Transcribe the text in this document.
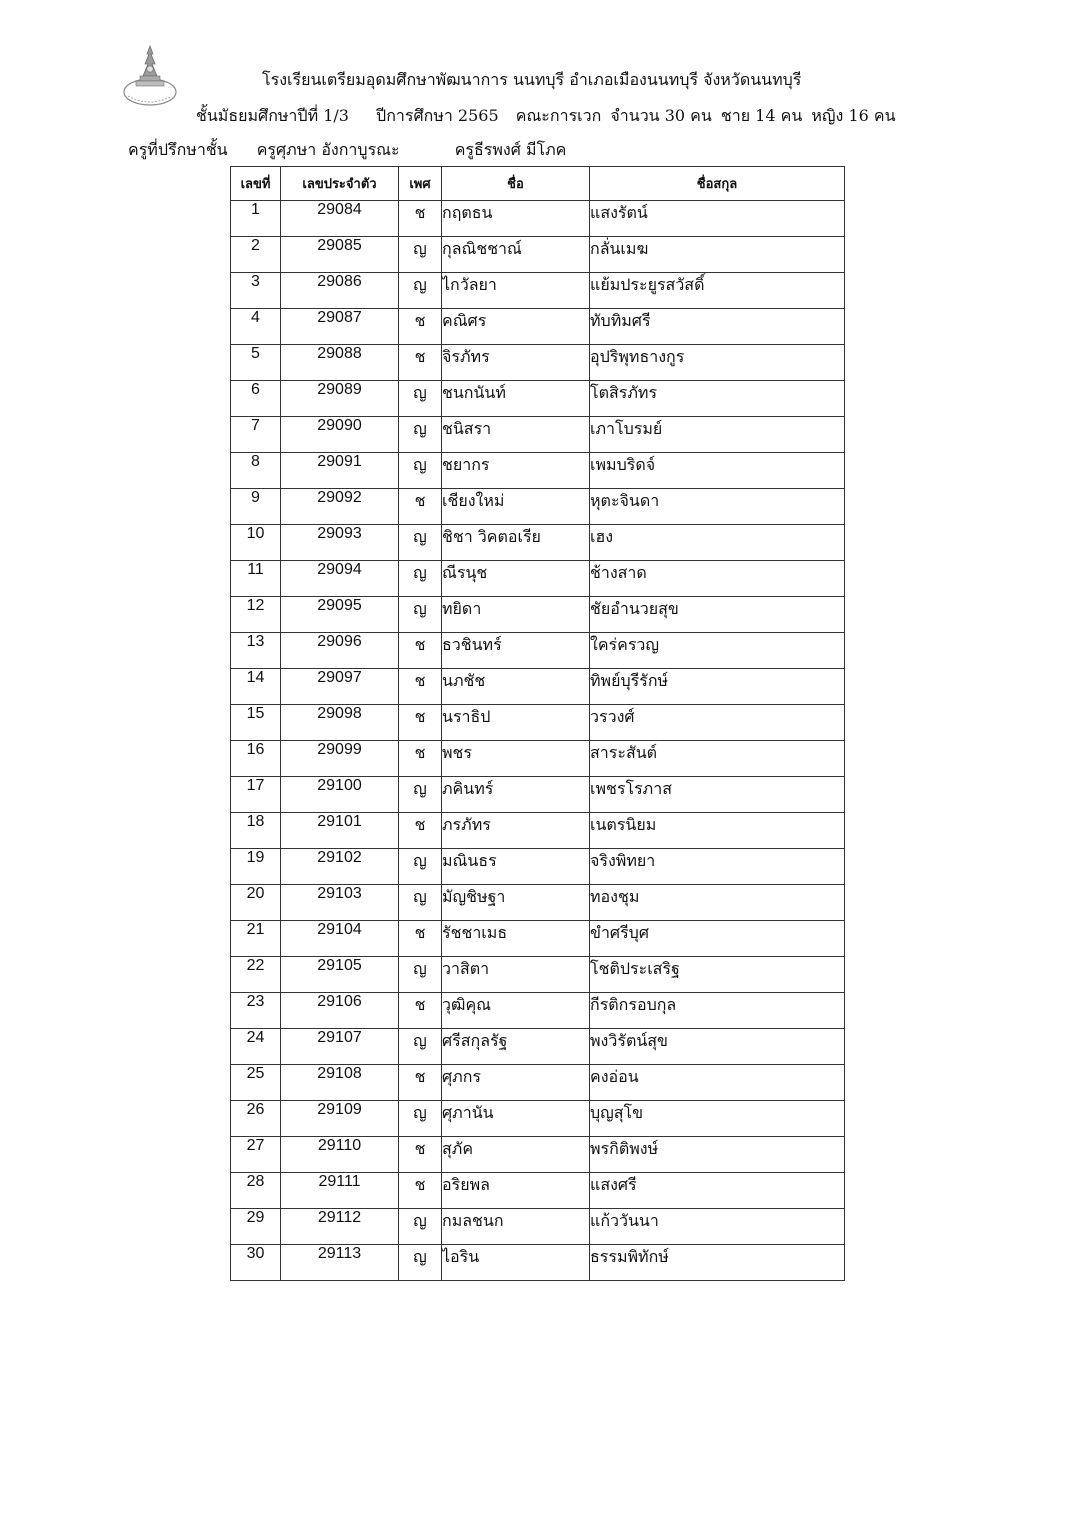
โรงเรียนเตรียมอุดมศึกษาพัฒนาการ นนทบุรี อำเภอเมืองนนทบุรี จังหวัดนนทบุรี
ชั้นมัธยมศึกษาปีที่ 1/3 ปีการศึกษา 2565 คณะการเวก จำนวน 30 คน ชาย 14 คน หญิง 16 คน
ครูที่ปรึกษาชั้น ครูศุภษา อังกาบูรณะ	ครูธีรพงศ์ มีโภค
เลขที่	เลขประจำตัว	เพศ	ชื่อ	ชื่อสกุล
1	29084	ช	กฤตธน	แสงรัตน์
2	29085	ญ	กุลณิชชาณ์	กลั่นเมฆ
3	29086	ญ	ไกวัลยา	แย้มประยูรสวัสดิ์
4	29087	ช	คณิศร	ทับทิมศรี
5	29088	ช	จิรภัทร	อุปริพุทธางกูร
6	29089	ญ	ชนกนันท์	โตสิรภัทร
7	29090	ญ	ชนิสรา	เภาโบรมย์
8	29091	ญ	ชยากร	เพมบริดจ์
9	29092	ช	เชียงใหม่	หุตะจินดา
10	29093	ญ	ชิชา วิคตอเรีย	เฮง
11	29094	ญ	ณีรนุช	ช้างสาด
12	29095	ญ	ทยิดา	ชัยอำนวยสุข
13	29096	ช	ธวชินทร์	ใคร่ครวญ
14	29097	ช	นภชัช	ทิพย์บุรีรักษ์
15	29098	ช	นราธิป	วรวงศ์
16	29099	ช	พชร	สาระสันต์
17	29100	ญ	ภคินทร์	เพชรโรภาส
18	29101	ช	ภรภัทร	เนตรนิยม
19	29102	ญ	มณินธร	จริงพิทยา
20	29103	ญ	มัญชิษฐา	ทองชุม
21	29104	ช	รัชชาเมธ	ขำศรีบุศ
22	29105	ญ	วาสิตา	โชติประเสริฐ
23	29106	ช	วุฒิคุณ	กีรติกรอบกุล
24	29107	ญ	ศรีสกุลรัฐ	พงวิรัตน์สุข
25	29108	ช	ศุภกร	คงอ่อน
26	29109	ญ	ศุภานัน	บุญสุโข
27	29110	ช	สุภัค	พรกิติพงษ์
28	29111	ช	อริยพล	แสงศรี
29	29112	ญ	กมลชนก	แก้ววันนา
30	29113	ญ	ไอริน	ธรรมพิทักษ์
